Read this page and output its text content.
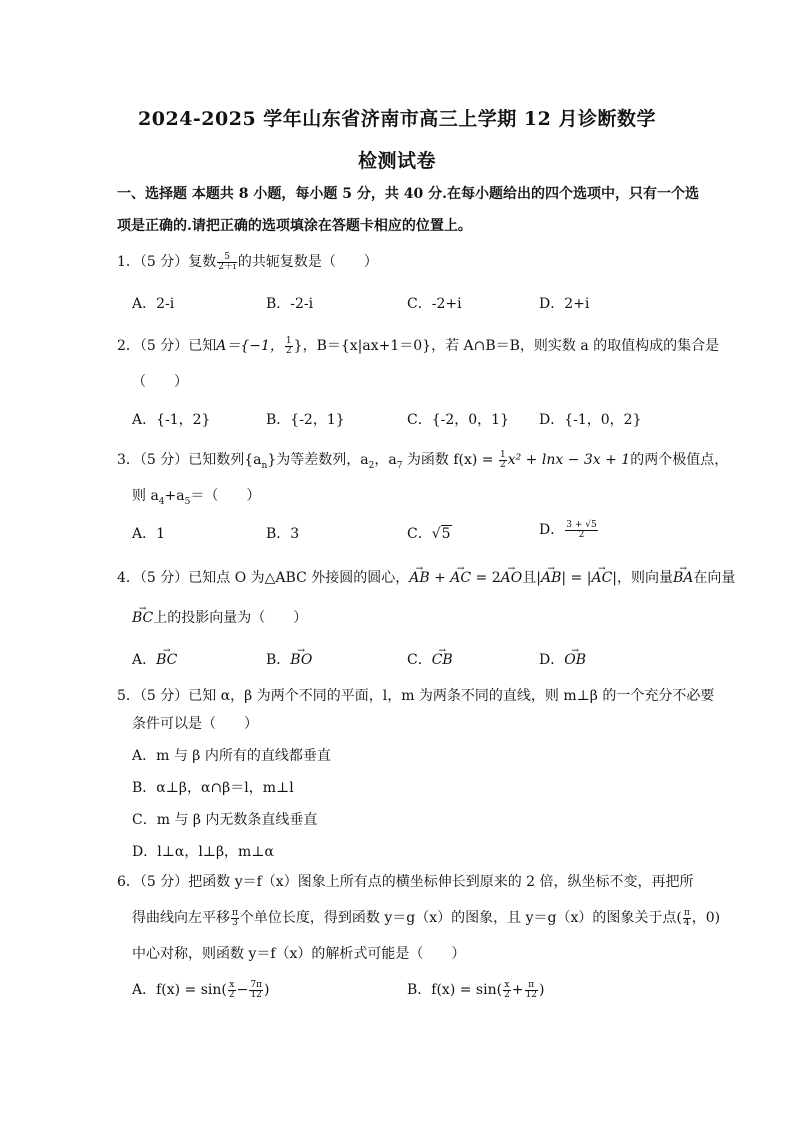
2024-2025 学年山东省济南市高三上学期 12 月诊断数学
检测试卷
一、选择题 本题共 8 小题，每小题 5 分，共 40 分.在每小题给出的四个选项中，只有一个选
项是正确的.请把正确的选项填涂在答题卡相应的位置上。
1．（5 分）复数 $\frac{5}{2+i}$ 的共轭复数是（　　）
A．2-i	B．-2-i	C．-2+i	D．2+i
2．（5 分）已知A＝{−1， $\frac{1}{2}$ }，B＝{x|ax+1＝0}，若 A∩B＝B，则实数 a 的取值构成的集合是
（　　）
A．{-1，2}	B．{-2，1}	C．{-2，0，1} D．{-1，0，2}
3．（5 分）已知数列$\{a_n\}$为等差数列，$a_2$，$a_7$ 为函数 $f(x) = \frac{1}{2} x^2 + \ln x - 3x + 1$的两个极值点，
则 $a_4+a_5=$（　　）
A．1	B．3	C．√5	D． $\frac{3 + √5}{2}$
4．（5 分）已知点 O 为△ABC 外接圆的圆心，→ AB + → AC = 2→ AO且|→ AB| = |→ AC|，则向量→ BA在向量
→ BC上的投影向量为（　　）
A．→ BC	B．→ BO	C．→ CB	D．→ OB
5．（5 分）已知 α，β 为两个不同的平面，l，m 为两条不同的直线，则 m⊥β 的一个充分不必要
条件可以是（　　）
A．m 与 β 内所有的直线都垂直
B．α⊥β，α∩β＝l，m⊥l
C．m 与 β 内无数条直线垂直
D．l⊥α，l⊥β，m⊥α
6．（5 分）把函数 y＝f（x）图象上所有点的横坐标伸长到原来的 2 倍，纵坐标不变，再把所
得曲线向左平移 $\frac{\pi}{3}$ 个单位长度，得到函数 y＝g（x）的图象，且 y＝g（x）的图象关于点( $\frac{\pi}{4}$ ，0)
中心对称，则函数 y＝f（x）的解析式可能是（　　）
A．$f(x) = \sin( \frac{x}{2} - \frac{7\pi}{12}$ )	B．$f(x) = \sin( \frac{x}{2} + \frac{\pi}{12}$ )
